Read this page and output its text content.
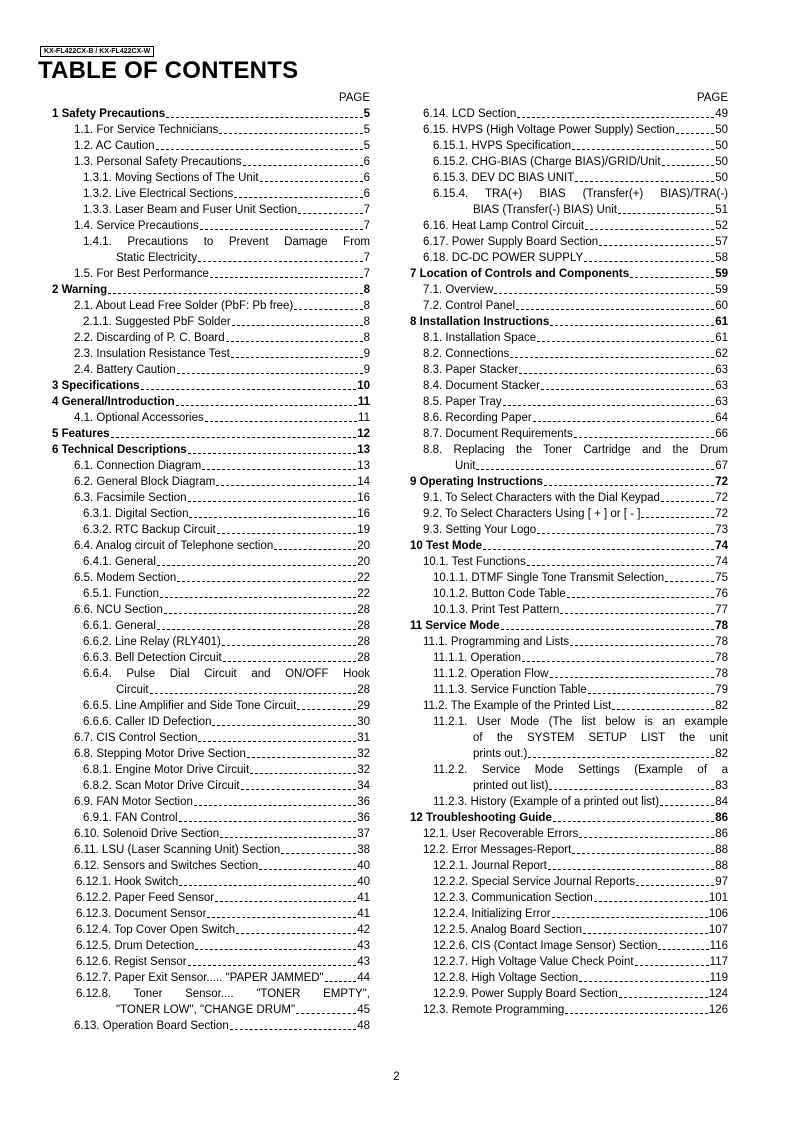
KX-FL422CX-B / KX-FL422CX-W
TABLE OF CONTENTS
PAGE
1 Safety Precautions	5
1.1. For Service Technicians	5
1.2. AC Caution	5
1.3. Personal Safety Precautions	6
1.3.1. Moving Sections of The Unit	6
1.3.2. Live Electrical Sections	6
1.3.3. Laser Beam and Fuser Unit Section	7
1.4. Service Precautions	7
1.4.1. Precautions to Prevent Damage From
Static Electricity	7
1.5. For Best Performance	7
2 Warning	8
2.1. About Lead Free Solder (PbF: Pb free)	8
2.1.1. Suggested PbF Solder	8
2.2. Discarding of P. C. Board	8
2.3. Insulation Resistance Test	9
2.4. Battery Caution	9
3 Specifications	10
4 General/Introduction	11
4.1. Optional Accessories	11
5 Features	12
6 Technical Descriptions	13
6.1. Connection Diagram	13
6.2. General Block Diagram	14
6.3. Facsimile Section	16
6.3.1. Digital Section	16
6.3.2. RTC Backup Circuit	19
6.4. Analog circuit of Telephone section	20
6.4.1. General	20
6.5. Modem Section	22
6.5.1. Function	22
6.6. NCU Section	28
6.6.1. General	28
6.6.2. Line Relay (RLY401)	28
6.6.3. Bell Detection Circuit	28
6.6.4. Pulse Dial Circuit and ON/OFF Hook
Circuit	28
6.6.5. Line Amplifier and Side Tone Circuit	29
6.6.6. Caller ID Defection	30
6.7. CIS Control Section	31
6.8. Stepping Motor Drive Section	32
6.8.1. Engine Motor Drive Circuit	32
6.8.2. Scan Motor Drive Circuit	34
6.9. FAN Motor Section	36
6.9.1. FAN Control	36
6.10. Solenoid Drive Section	37
6.11. LSU (Laser Scanning Unit) Section	38
6.12. Sensors and Switches Section	40
6.12.1. Hook Switch	40
6.12.2. Paper Feed Sensor	41
6.12.3. Document Sensor	41
6.12.4. Top Cover Open Switch	42
6.12.5. Drum Detection	43
6.12.6. Regist Sensor	43
6.12.7. Paper Exit Sensor..... "PAPER JAMMED"	44
6.12.8. Toner Sensor.... "TONER EMPTY",
"TONER LOW", "CHANGE DRUM"	45
6.13. Operation Board Section	48
PAGE
6.14. LCD Section	49
6.15. HVPS (High Voltage Power Supply) Section	50
6.15.1. HVPS Specification	50
6.15.2. CHG-BIAS (Charge BIAS)/GRID/Unit	50
6.15.3. DEV DC BIAS UNIT	50
6.15.4. TRA(+) BIAS (Transfer(+) BIAS)/TRA(-)
BIAS (Transfer(-) BIAS) Unit	51
6.16. Heat Lamp Control Circuit	52
6.17. Power Supply Board Section	57
6.18. DC-DC POWER SUPPLY	58
7 Location of Controls and Components	59
7.1. Overview	59
7.2. Control Panel	60
8 Installation Instructions	61
8.1. Installation Space	61
8.2. Connections	62
8.3. Paper Stacker	63
8.4. Document Stacker	63
8.5. Paper Tray	63
8.6. Recording Paper	64
8.7. Document Requirements	66
8.8. Replacing the Toner Cartridge and the Drum
Unit	67
9 Operating Instructions	72
9.1. To Select Characters with the Dial Keypad	72
9.2. To Select Characters Using [ + ] or [ - ]	72
9.3. Setting Your Logo	73
10 Test Mode	74
10.1. Test Functions	74
10.1.1. DTMF Single Tone Transmit Selection	75
10.1.2. Button Code Table	76
10.1.3. Print Test Pattern	77
11 Service Mode	78
11.1. Programming and Lists	78
11.1.1. Operation	78
11.1.2. Operation Flow	78
11.1.3. Service Function Table	79
11.2. The Example of the Printed List	82
11.2.1. User Mode (The list below is an example
of the SYSTEM SETUP LIST the unit
prints out.)	82
11.2.2. Service Mode Settings (Example of a
printed out list)	83
11.2.3. History (Example of a printed out list)	84
12 Troubleshooting Guide	86
12.1. User Recoverable Errors	86
12.2. Error Messages-Report	88
12.2.1. Journal Report	88
12.2.2. Special Service Journal Reports	97
12.2.3. Communication Section	101
12.2.4. Initializing Error	106
12.2.5. Analog Board Section	107
12.2.6. CIS (Contact Image Sensor) Section	116
12.2.7. High Voltage Value Check Point	117
12.2.8. High Voltage Section	119
12.2.9. Power Supply Board Section	124
12.3. Remote Programming	126
2
